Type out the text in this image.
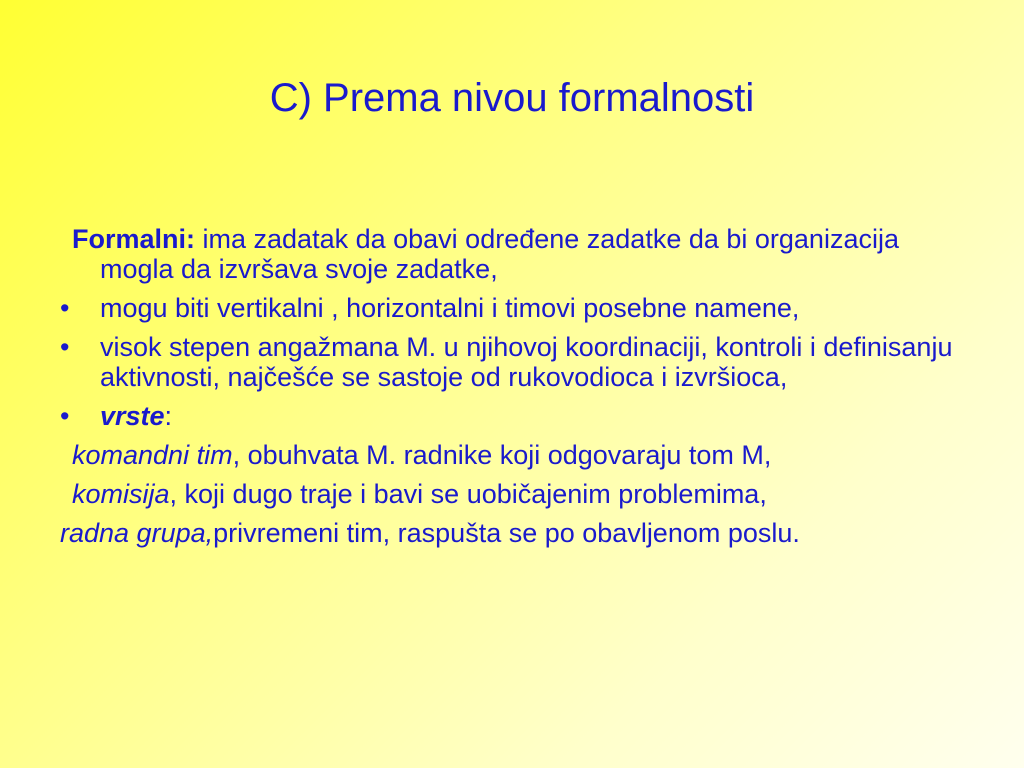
C) Prema nivou formalnosti

Formalni: ima zadatak da obavi određene zadatke da bi organizacija mogla da izvršava svoje zadatke,

• mogu biti vertikalni , horizontalni i timovi posebne namene,

• visok stepen angažmana M. u njihovoj koordinaciji, kontroli i definisanju aktivnosti, najčešće se sastoje od rukovodioca i izvršioca,

• vrste:

komandni tim, obuhvata M. radnike koji odgovaraju tom M,

komisija, koji dugo traje i bavi se uobičajenim problemima,

radna grupa,privremeni tim, raspušta se po obavljenom poslu.
